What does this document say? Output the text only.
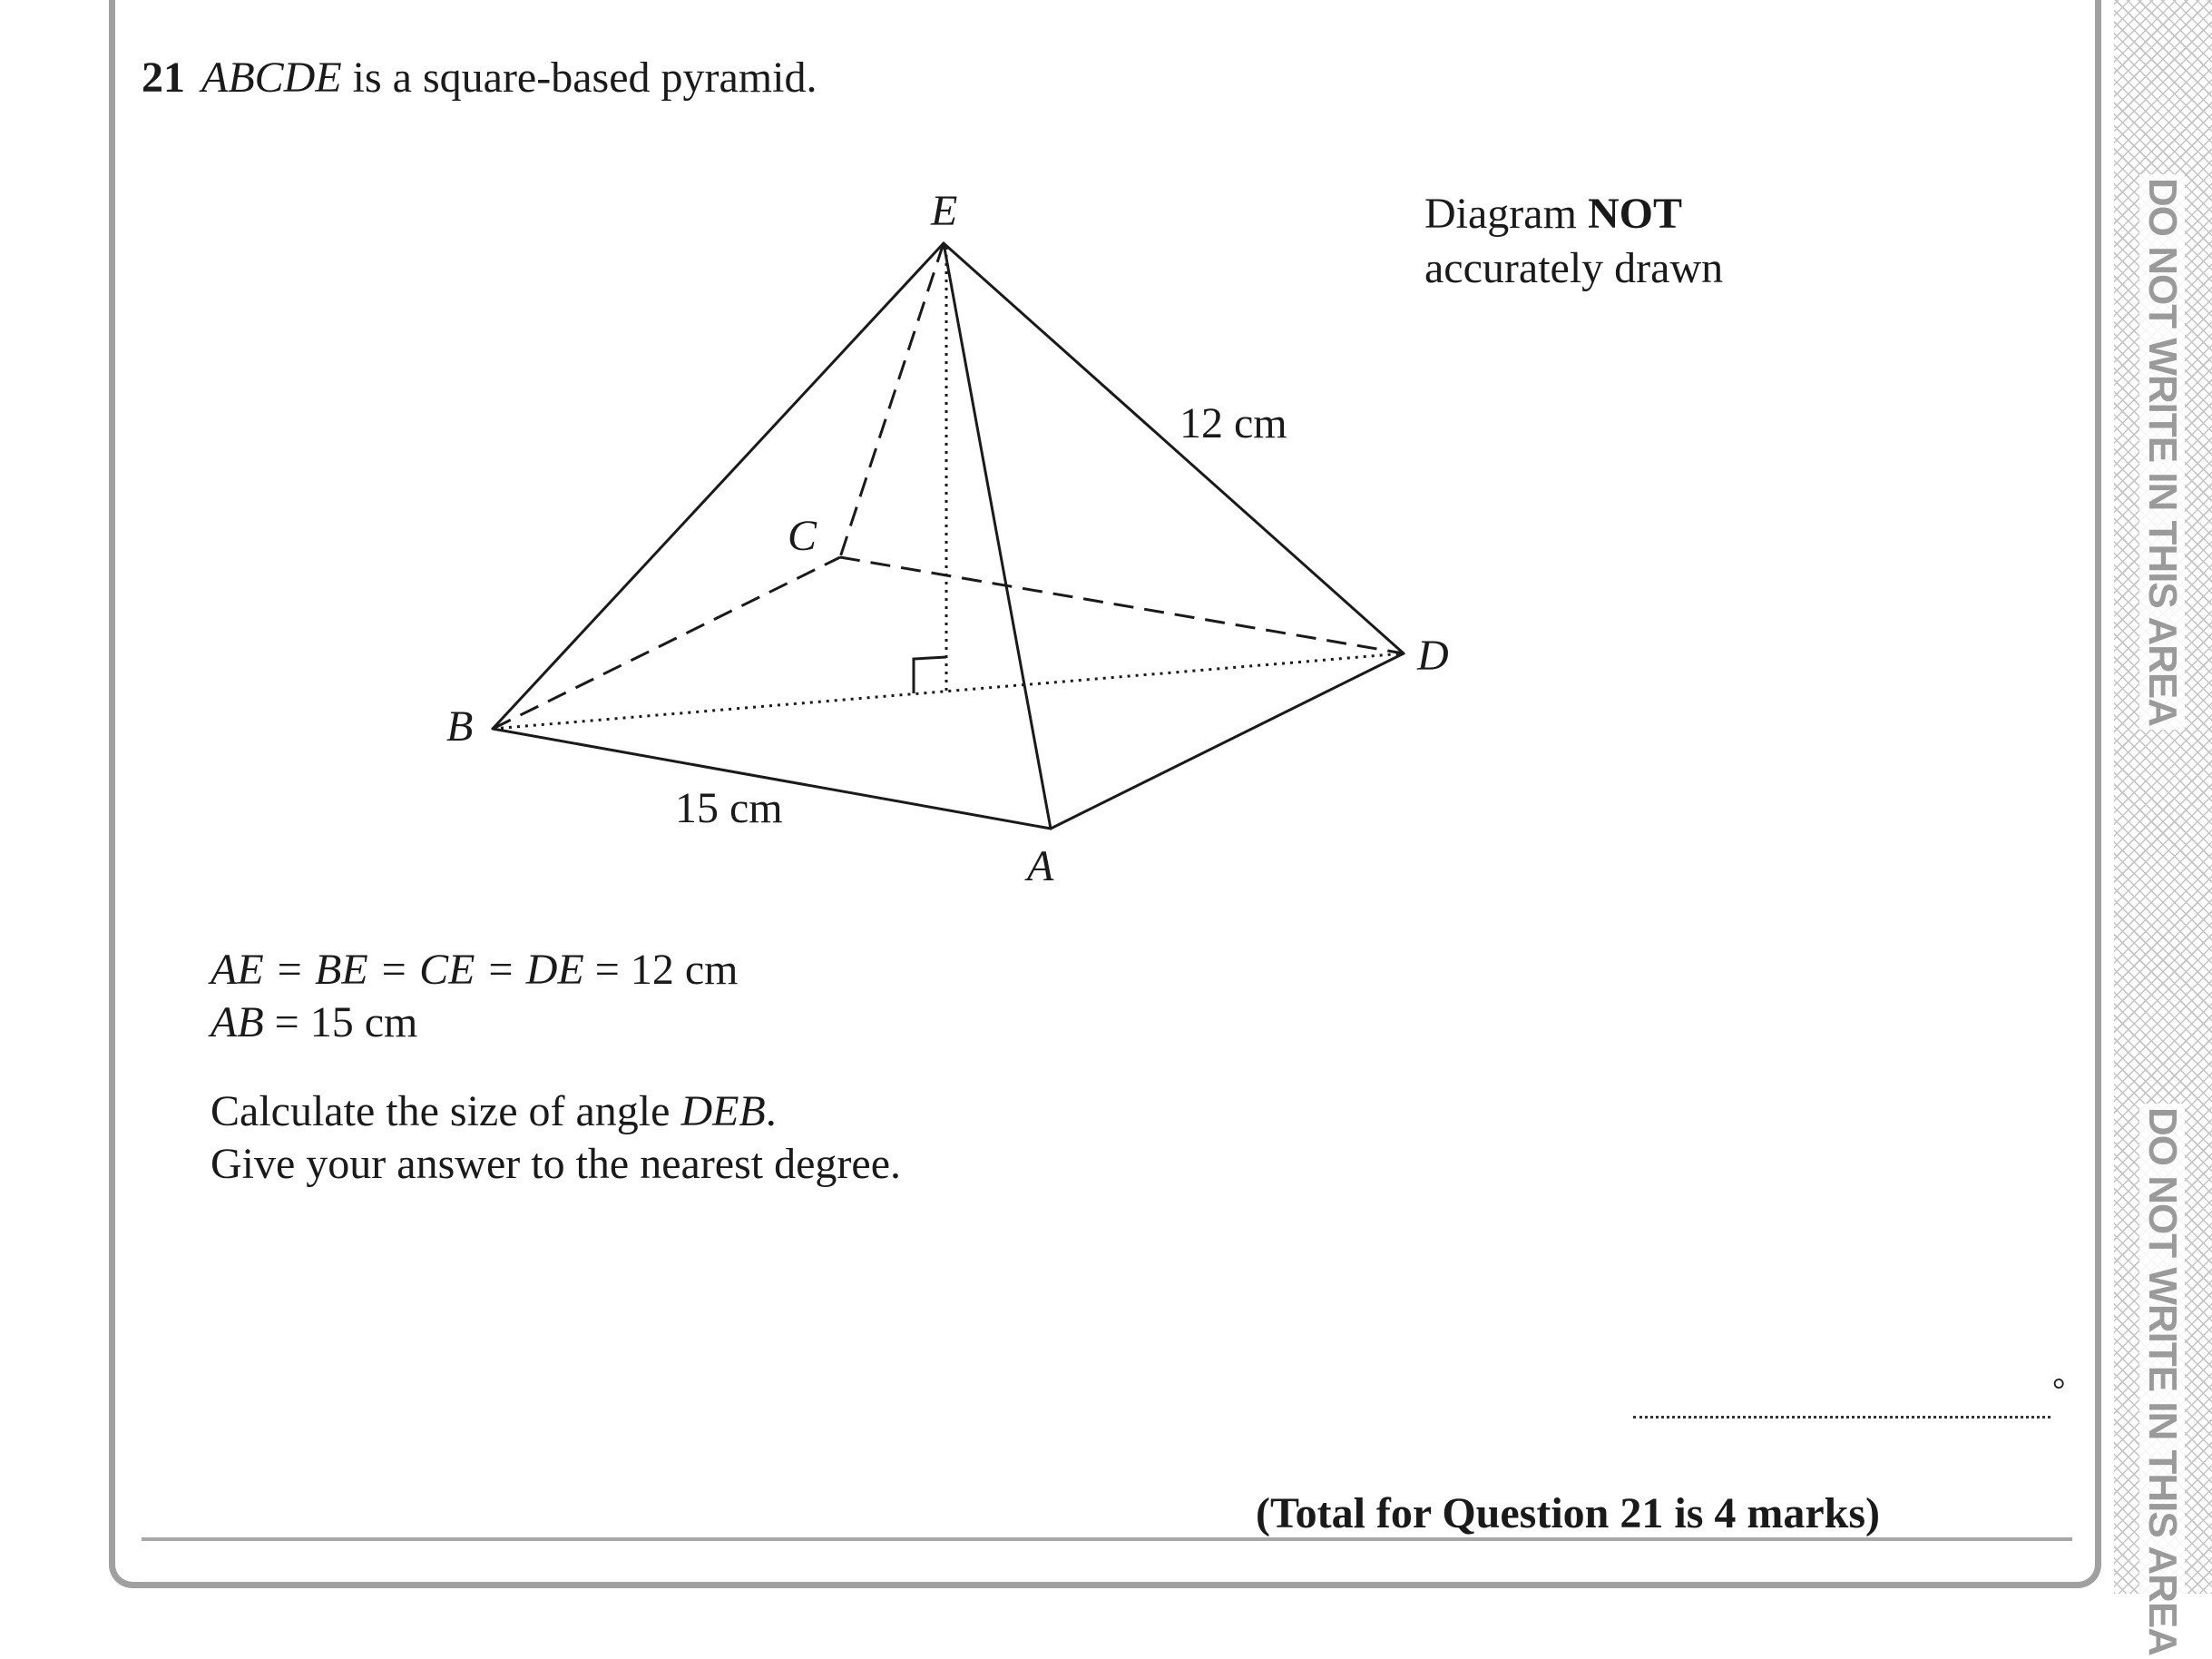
DO NOT WRITE IN THIS AREA
DO NOT WRITE IN THIS AREA
21 ABCDE is a square-based pyramid.
Diagram NOT
accurately drawn
E
C
D
B
A
12 cm
15 cm
AE = BE = CE = DE = 12 cm
AB = 15 cm
Calculate the size of angle DEB.
Give your answer to the nearest degree.
°
(Total for Question 21 is 4 marks)
